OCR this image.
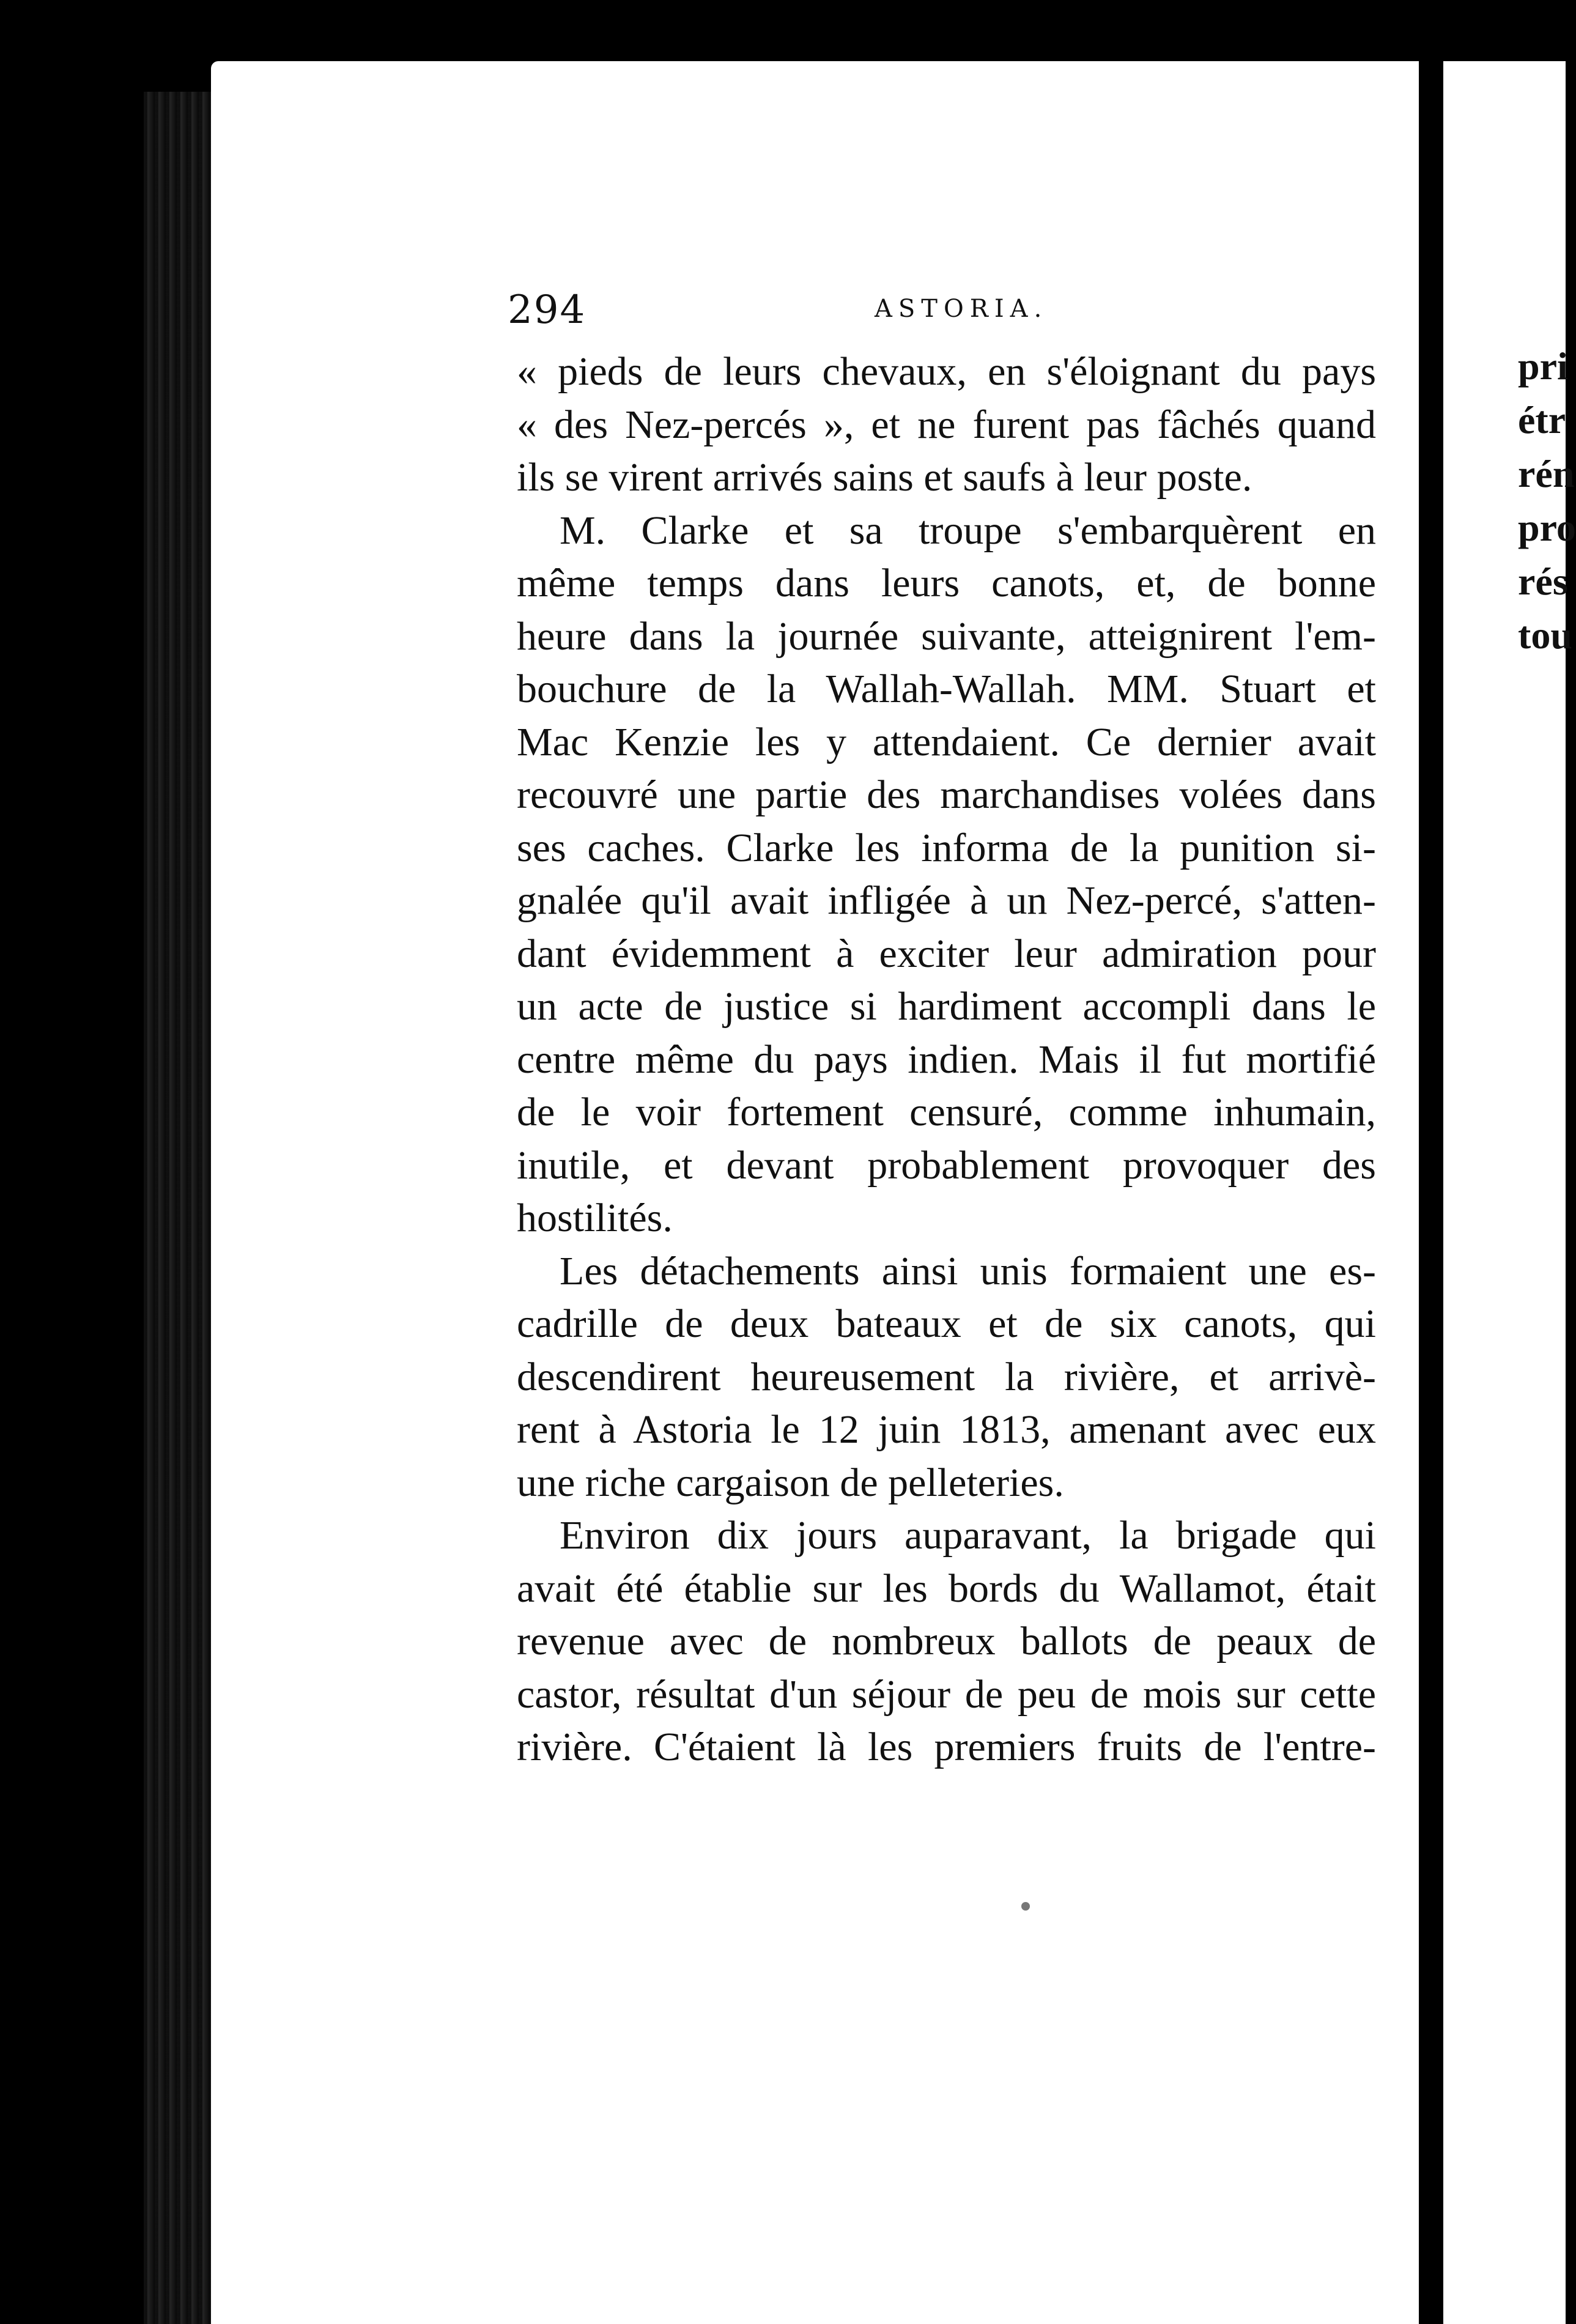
294	ASTORIA.
« pieds de leurs chevaux, en s'éloignant du pays
« des Nez-percés », et ne furent pas fâchés quand
ils se virent arrivés sains et saufs à leur poste.
M. Clarke et sa troupe s'embarquèrent en
même temps dans leurs canots, et, de bonne
heure dans la journée suivante, atteignirent l'em-
bouchure de la Wallah-Wallah. MM. Stuart et
Mac Kenzie les y attendaient. Ce dernier avait
recouvré une partie des marchandises volées dans
ses caches. Clarke les informa de la punition si-
gnalée qu'il avait infligée à un Nez-percé, s'atten-
dant évidemment à exciter leur admiration pour
un acte de justice si hardiment accompli dans le
centre même du pays indien. Mais il fut mortifié
de le voir fortement censuré, comme inhumain,
inutile, et devant probablement provoquer des
hostilités.
Les détachements ainsi unis formaient une es-
cadrille de deux bateaux et de six canots, qui
descendirent heureusement la rivière, et arrivè-
rent à Astoria le 12 juin 1813, amenant avec eux
une riche cargaison de pelleteries.
Environ dix jours auparavant, la brigade qui
avait été établie sur les bords du Wallamot, était
revenue avec de nombreux ballots de peaux de
castor, résultat d'un séjour de peu de mois sur cette
rivière. C'étaient là les premiers fruits de l'entre-
pri
étr
rén
pro
rés
tou
